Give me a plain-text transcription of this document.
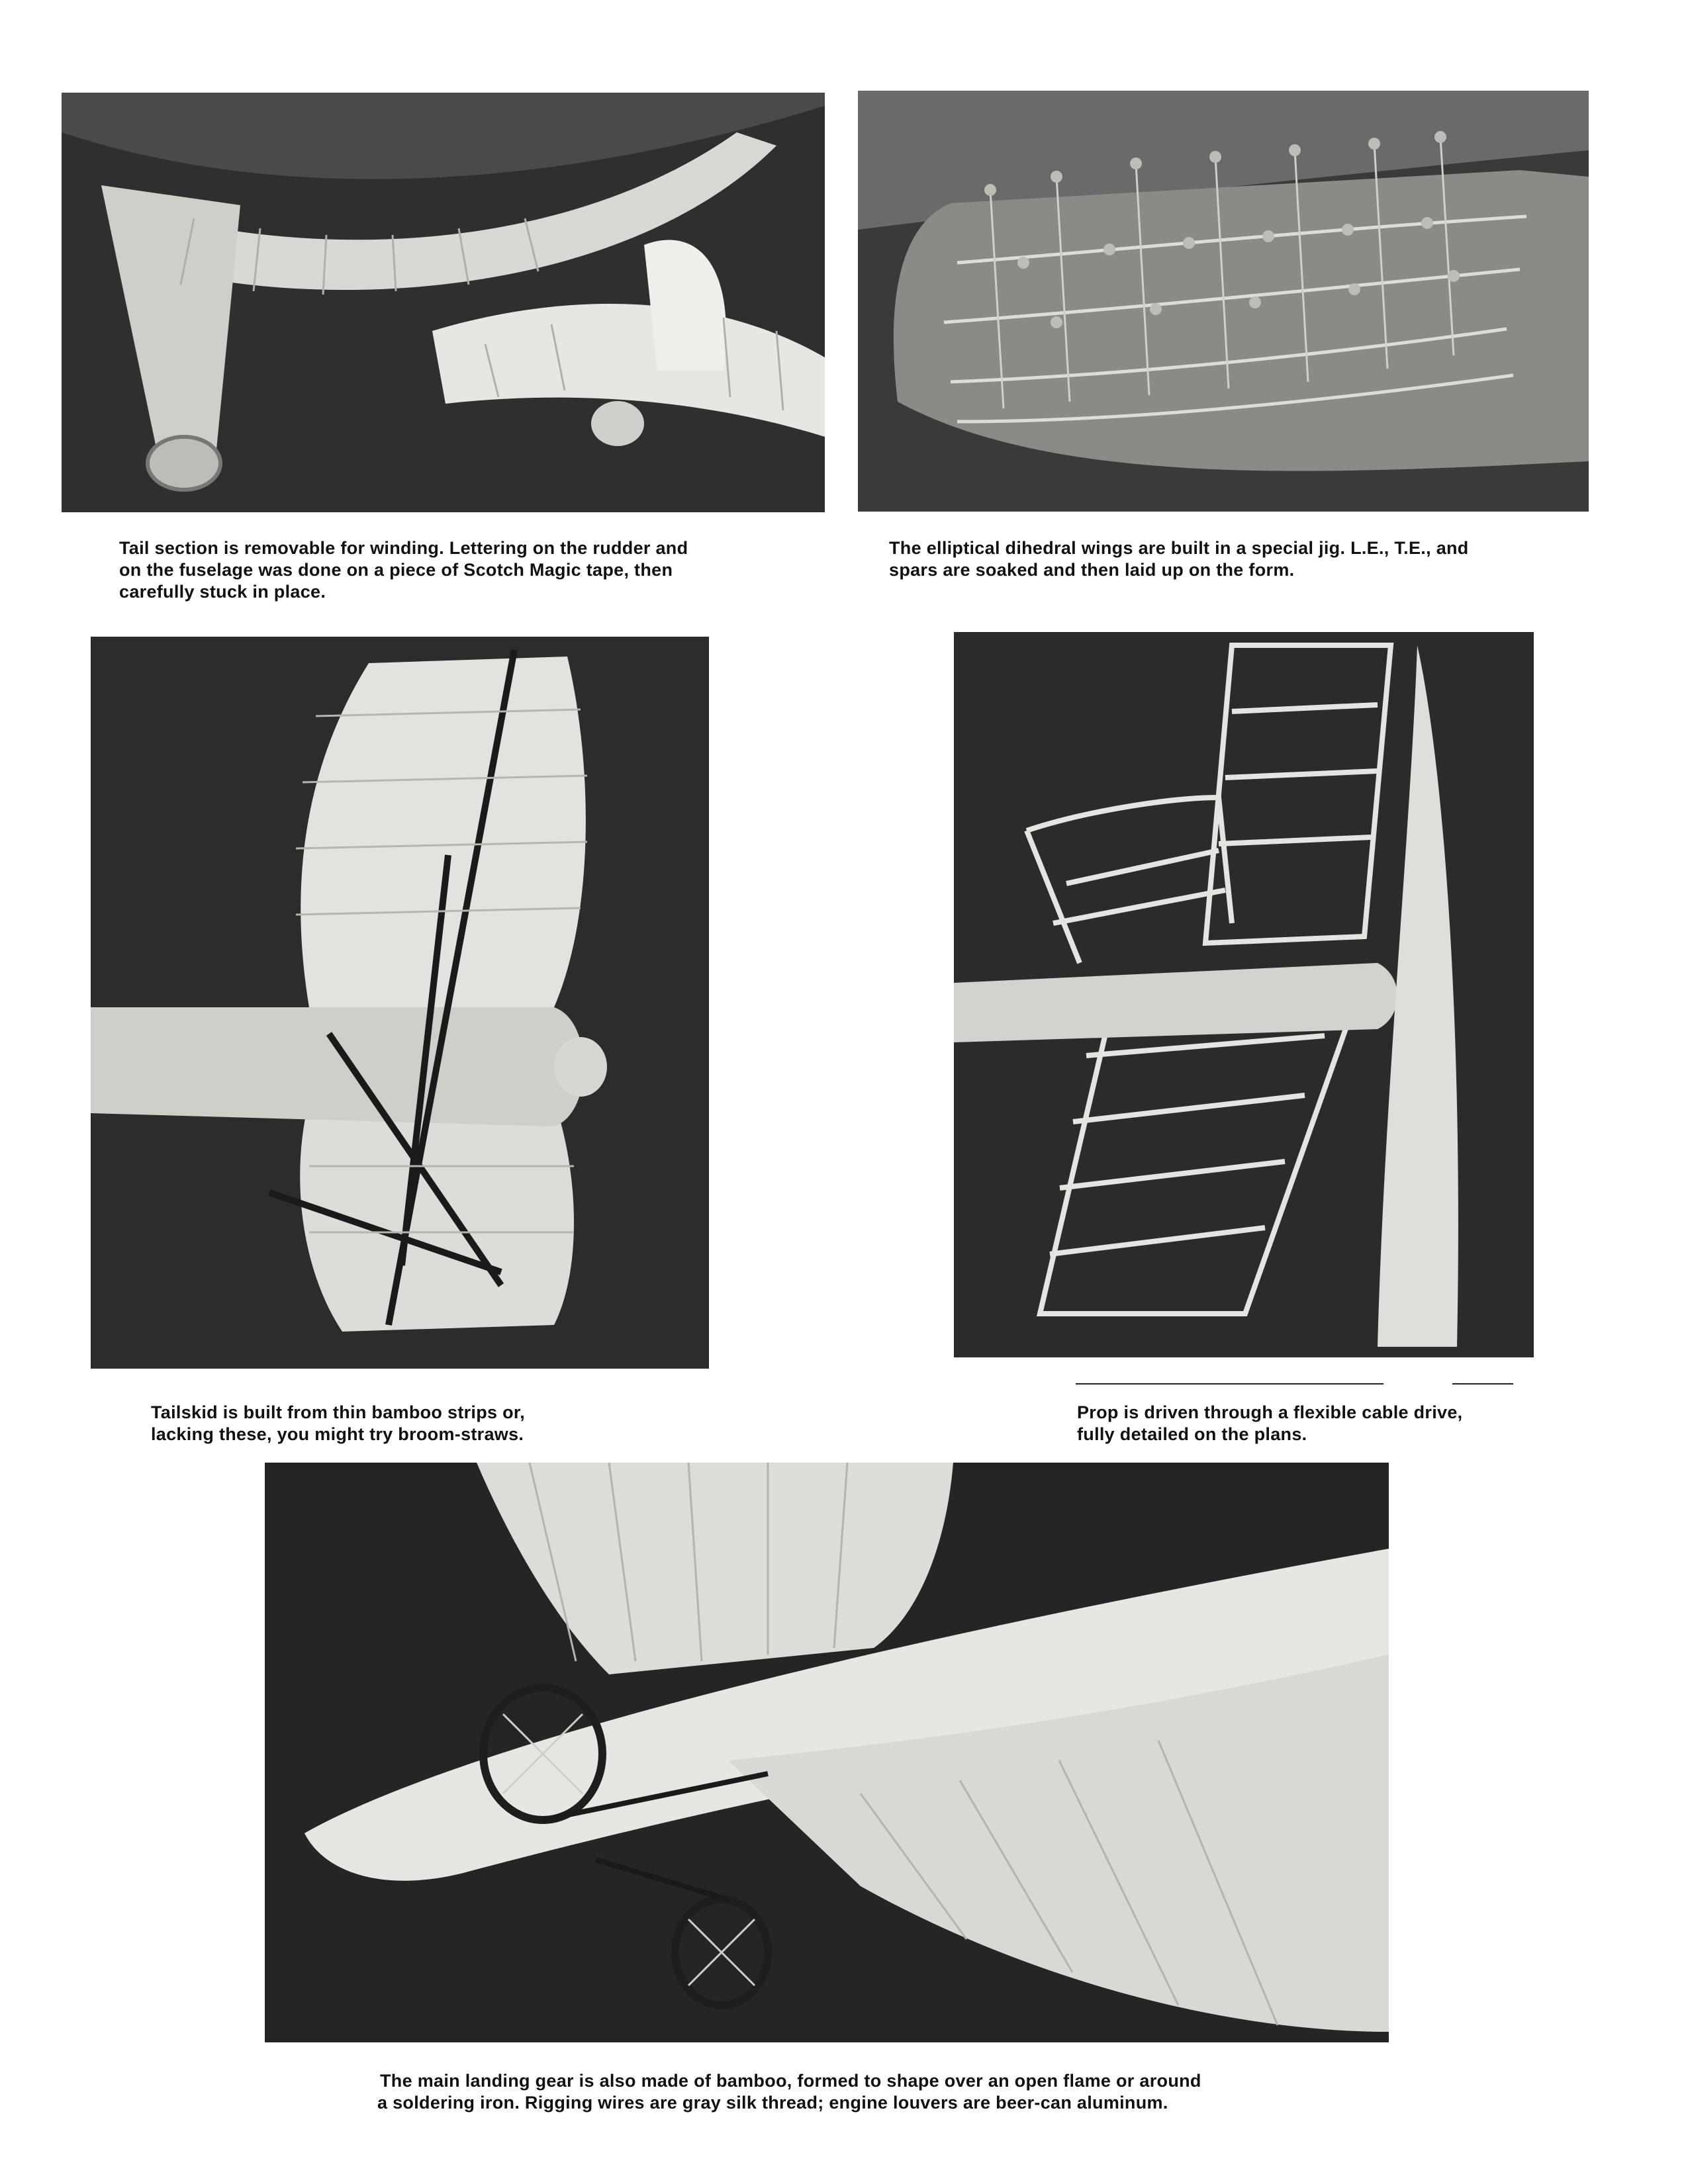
Tail section is removable for winding. Lettering on the rudder and
on the fuselage was done on a piece of Scotch Magic tape, then
carefully stuck in place.
The elliptical dihedral wings are built in a special jig. L.E., T.E., and
spars are soaked and then laid up on the form.
Tailskid is built from thin bamboo strips or,
lacking these, you might try broom-straws.
Prop is driven through a flexible cable drive,
fully detailed on the plans.
The main landing gear is also made of bamboo, formed to shape over an open flame or around
a soldering iron. Rigging wires are gray silk thread; engine louvers are beer-can aluminum.
